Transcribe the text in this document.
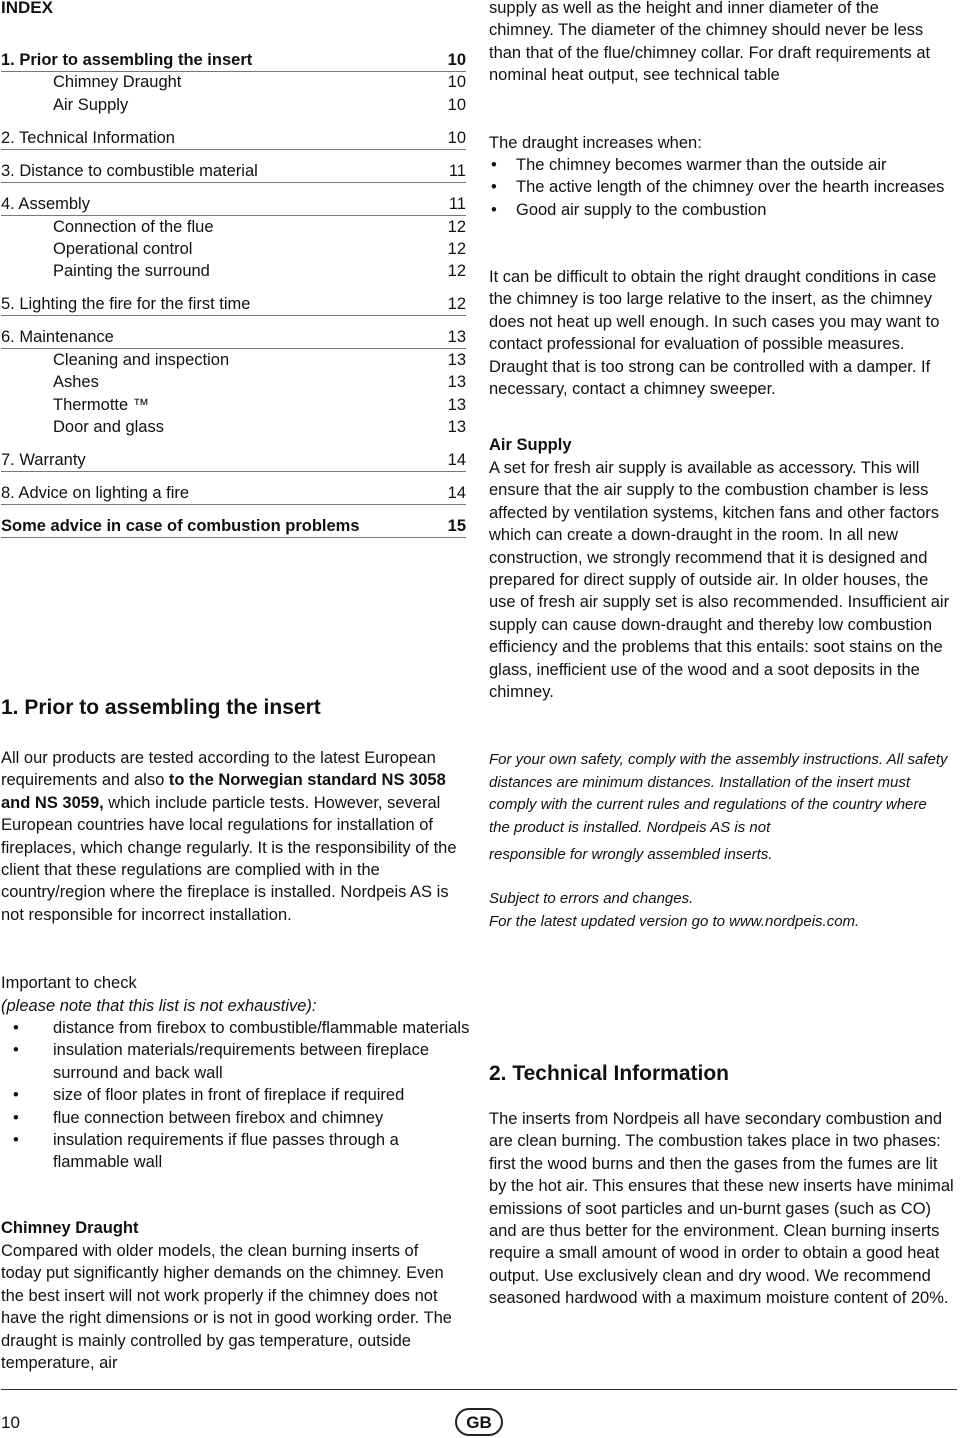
INDEX
1. Prior to assembling the insert	10
Chimney Draught	10
Air Supply	10
2. Technical Information	10
3. Distance to combustible material	11
4. Assembly	11
Connection of the flue	12
Operational control	12
Painting the surround	12
5. Lighting the fire for the first time	12
6. Maintenance	13
Cleaning and inspection	13
Ashes	13
Thermotte ™	13
Door and glass	13
7. Warranty	14
8. Advice on lighting a fire	14
Some advice in case of combustion problems	15
1. Prior to assembling the insert

All our products are tested according to the latest European requirements and also to the Norwegian standard NS 3058 and NS 3059, which include particle tests. However, several European countries have local regulations for installation of fireplaces, which change regularly. It is the responsibility of the client that these regulations are complied with in the country/region where the fireplace is installed. Nordpeis AS is not responsible for incorrect installation.

Important to check
(please note that this list is not exhaustive):
• distance from firebox to combustible/flammable materials
• insulation materials/requirements between fireplace surround and back wall
• size of floor plates in front of fireplace if required
• flue connection between firebox and chimney
• insulation requirements if flue passes through a flammable wall
Chimney Draught

Compared with older models, the clean burning inserts of today put significantly higher demands on the chimney. Even the best insert will not work properly if the chimney does not have the right dimensions or is not in good working order. The draught is mainly controlled by gas temperature, outside temperature, air

supply as well as the height and inner diameter of the chimney. The diameter of the chimney should never be less than that of the flue/chimney collar. For draft requirements at nominal heat output, see technical table

The draught increases when:
• The chimney becomes warmer than the outside air
• The active length of the chimney over the hearth increases
• Good air supply to the combustion

It can be difficult to obtain the right draught conditions in case the chimney is too large relative to the insert, as the chimney does not heat up well enough. In such cases you may want to contact professional for evaluation of possible measures. Draught that is too strong can be controlled with a damper. If necessary, contact a chimney sweeper.

Air Supply

A set for fresh air supply is available as accessory. This will ensure that the air supply to the combustion chamber is less affected by ventilation systems, kitchen fans and other factors which can create a down-draught in the room. In all new construction, we strongly recommend that it is designed and prepared for direct supply of outside air. In older houses, the use of fresh air supply set is also recommended. Insufficient air supply can cause down-draught and thereby low combustion efficiency and the problems that this entails: soot stains on the glass, inefficient use of the wood and a soot deposits in the chimney.

For your own safety, comply with the assembly instructions. All safety distances are minimum distances. Installation of the insert must comply with the current rules and regulations of the country where the product is installed. Nordpeis AS is not

responsible for wrongly assembled inserts.
Subject to errors and changes.
For the latest updated version go to www.nordpeis.com.
2. Technical Information

The inserts from Nordpeis all have secondary combustion and are clean burning. The combustion takes place in two phases: first the wood burns and then the gases from the fumes are lit by the hot air. This ensures that these new inserts have minimal emissions of soot particles and un-burnt gases (such as CO) and are thus better for the environment. Clean burning inserts require a small amount of wood in order to obtain a good heat output. Use exclusively clean and dry wood. We recommend seasoned hardwood with a maximum moisture content of 20%.

10	GB
